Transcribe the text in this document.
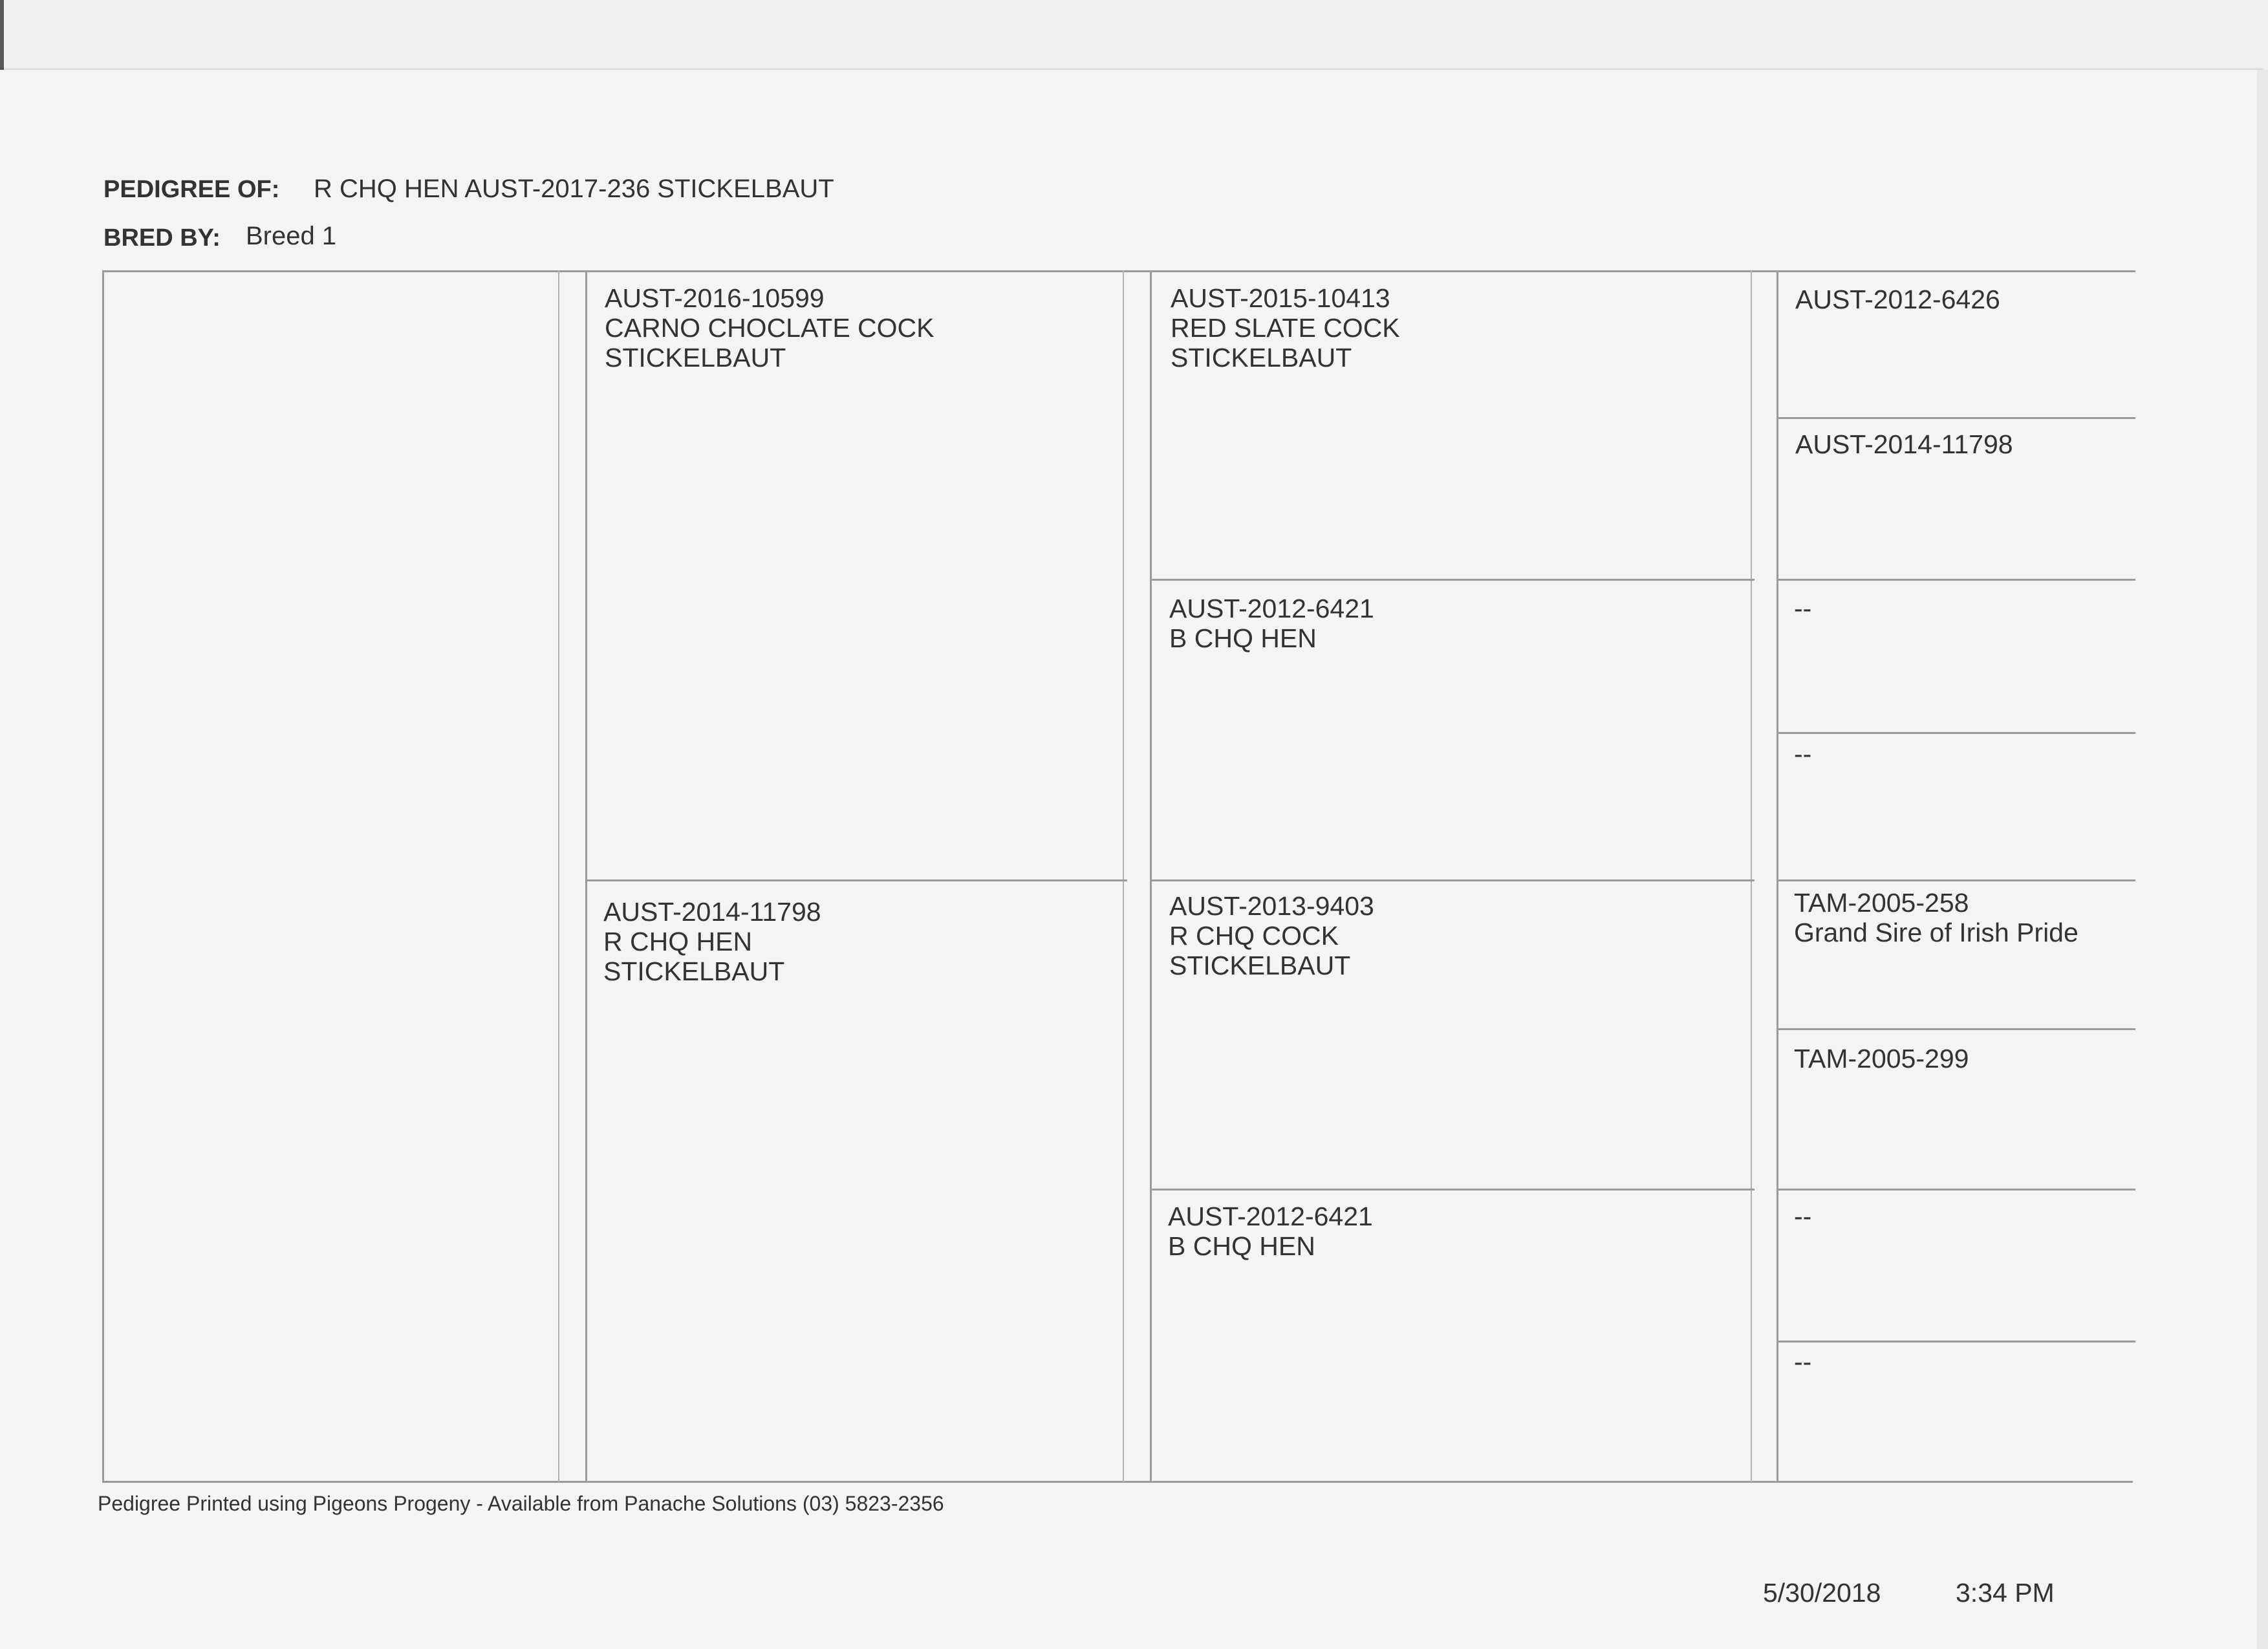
PEDIGREE OF: R CHQ HEN AUST-2017-236 STICKELBAUT
BRED BY: Breed 1
AUST-2016-10599
CARNO CHOCLATE COCK
STICKELBAUT
AUST-2014-11798
R CHQ HEN
STICKELBAUT
AUST-2015-10413
RED SLATE COCK
STICKELBAUT
AUST-2012-6421
B CHQ HEN
AUST-2013-9403
R CHQ COCK
STICKELBAUT
AUST-2012-6421
B CHQ HEN
AUST-2012-6426
AUST-2014-11798
--
--
TAM-2005-258
Grand Sire of Irish Pride
TAM-2005-299
--
--
Pedigree Printed using Pigeons Progeny - Available from Panache Solutions (03) 5823-2356
5/30/2018	3:34 PM
